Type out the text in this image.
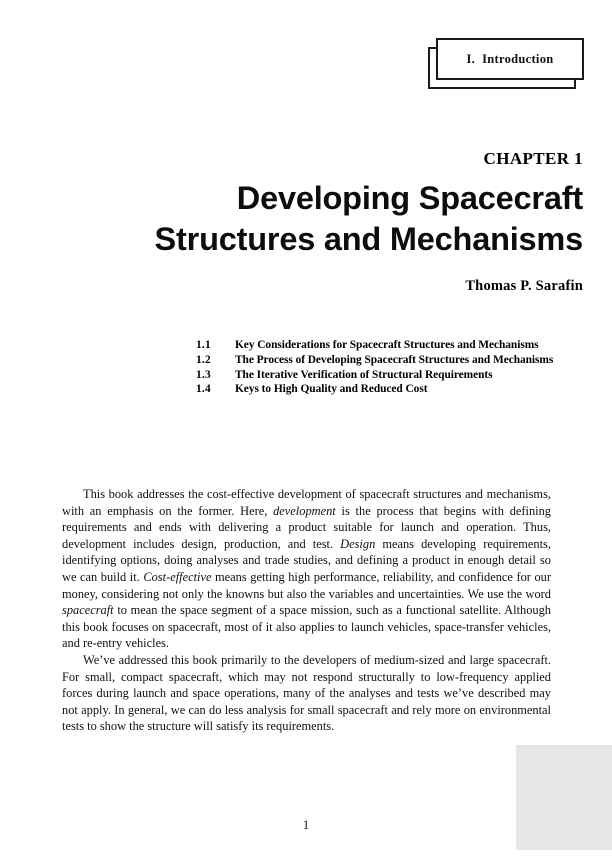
I. Introduction
CHAPTER 1
Developing Spacecraft
Structures and Mechanisms
Thomas P. Sarafin
1.1	Key Considerations for Spacecraft Structures and Mechanisms
1.2	The Process of Developing Spacecraft Structures and Mechanisms
1.3	The Iterative Verification of Structural Requirements
1.4	Keys to High Quality and Reduced Cost

This book addresses the cost-effective development of spacecraft structures and mechanisms, with an emphasis on the former. Here, development is the process that begins with defining requirements and ends with delivering a product suitable for launch and operation. Thus, development includes design, production, and test. Design means developing requirements, identifying options, doing analyses and trade studies, and defining a product in enough detail so we can build it. Cost-effective means getting high performance, reliability, and confidence for our money, considering not only the knowns but also the variables and uncertainties. We use the word spacecraft to mean the space segment of a space mission, such as a functional satellite. Although this book focuses on spacecraft, most of it also applies to launch vehicles, space-transfer vehicles, and re-entry vehicles.

We’ve addressed this book primarily to the developers of medium-sized and large spacecraft. For small, compact spacecraft, which may not respond structurally to low-frequency applied forces during launch and space operations, many of the analyses and tests we’ve described may not apply. In general, we can do less analysis for small spacecraft and rely more on environmental tests to show the structure will satisfy its requirements.

1
